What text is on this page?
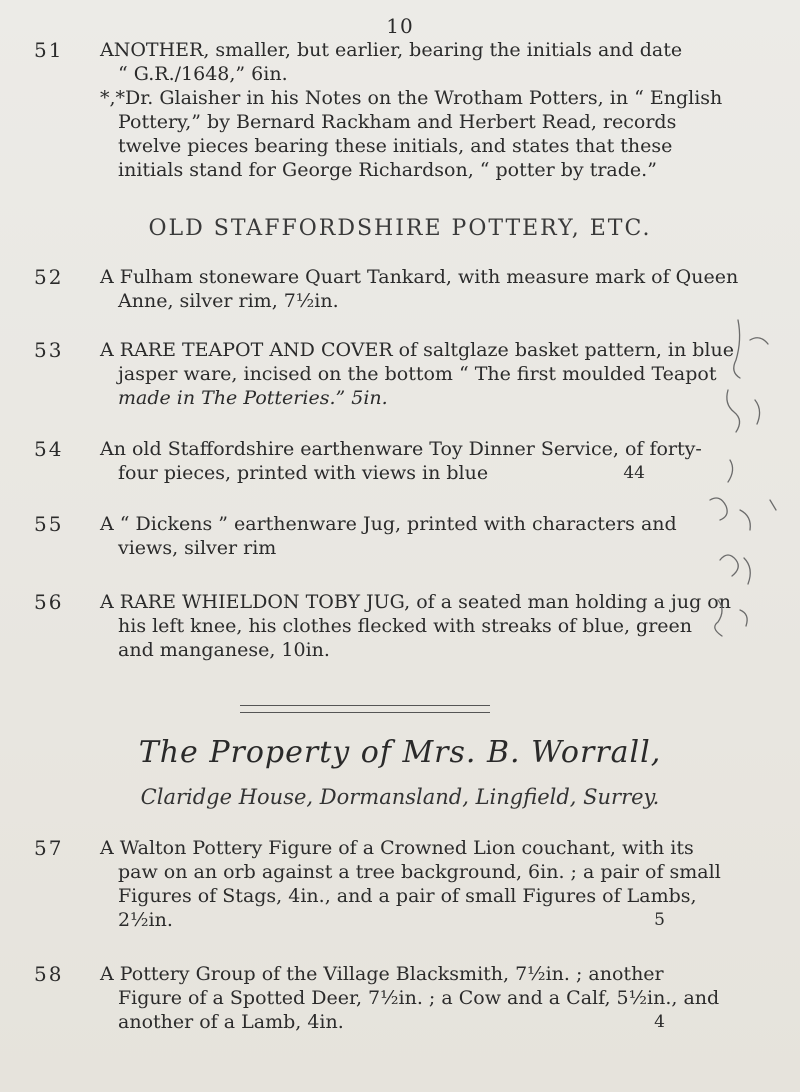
10
51	ANOTHER, smaller, but earlier, bearing the initials and date
“ G.R./1648,” 6in.
*,*Dr. Glaisher in his Notes on the Wrotham Potters, in “ English
Pottery,” by Bernard Rackham and Herbert Read, records
twelve pieces bearing these initials, and states that these
initials stand for George Richardson, “ potter by trade.”
OLD STAFFORDSHIRE POTTERY, ETC.
52	A Fulham stoneware Quart Tankard, with measure mark of Queen
Anne, silver rim, 7½in.
53	A RARE TEAPOT AND COVER of saltglaze basket pattern, in blue
jasper ware, incised on the bottom “ The first moulded Teapot
made in The Potteries.” 5in.
54	An old Staffordshire earthenware Toy Dinner Service, of forty-
four pieces, printed with views in blue	44
55	A “ Dickens ” earthenware Jug, printed with characters and
views, silver rim
56	A RARE WHIELDON TOBY JUG, of a seated man holding a jug on
his left knee, his clothes flecked with streaks of blue, green
and manganese, 10in.
The Property of Mrs. B. Worrall,
Claridge House, Dormansland, Lingfield, Surrey.
57	A Walton Pottery Figure of a Crowned Lion couchant, with its
paw on an orb against a tree background, 6in. ; a pair of small
Figures of Stags, 4in., and a pair of small Figures of Lambs,
2½in.	5
58	A Pottery Group of the Village Blacksmith, 7½in. ; another
Figure of a Spotted Deer, 7½in. ; a Cow and a Calf, 5½in., and
another of a Lamb, 4in.	4
